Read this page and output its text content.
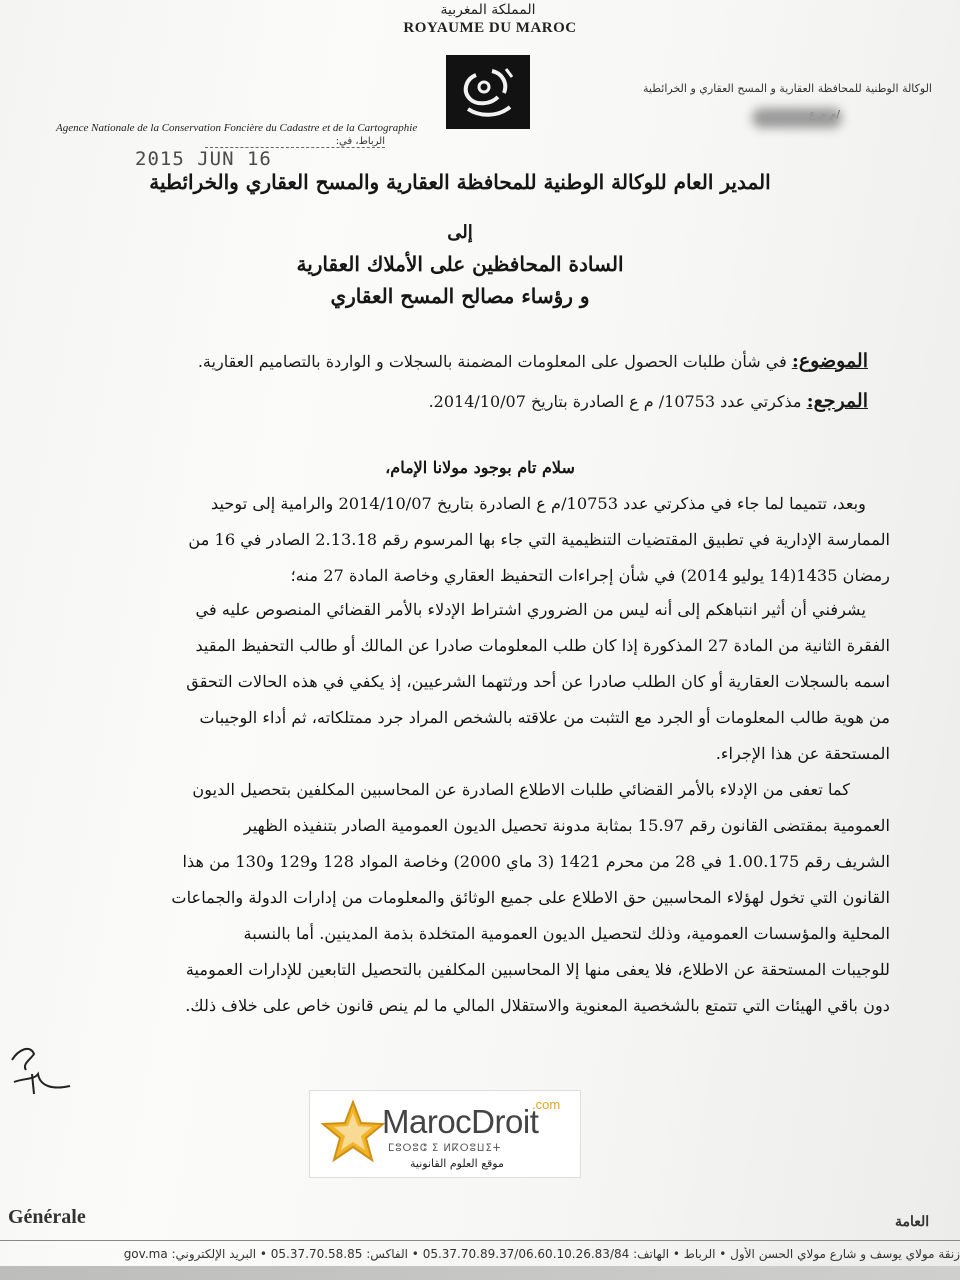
المملكة المغربية
ROYAUME DU MAROC
الوكالة الوطنية للمحافظة العقارية و المسح العقاري و الخرائطية
Agence Nationale de la Conservation Foncière du Cadastre et de la Cartographie
الرباط، في:
2015 JUN 16
المدير العام للوكالة الوطنية للمحافظة العقارية والمسح العقاري والخرائطية
إلى
السادة المحافظين على الأملاك العقارية
و رؤساء مصالح المسح العقاري
الموضوع: في شأن طلبات الحصول على المعلومات المضمنة بالسجلات و الواردة بالتصاميم العقارية.
المرجع: مذكرتي عدد 10753/ م ع الصادرة بتاريخ 2014/10/07.
سلام تام بوجود مولانا الإمام،
وبعد، تتميما لما جاء في مذكرتي عدد 10753/م ع الصادرة بتاريخ 2014/10/07 والرامية إلى توحيد
الممارسة الإدارية في تطبيق المقتضيات التنظيمية التي جاء بها المرسوم رقم 2.13.18 الصادر في 16 من
رمضان 1435(14 يوليو 2014) في شأن إجراءات التحفيظ العقاري وخاصة المادة 27 منه؛
يشرفني أن أثير انتباهكم إلى أنه ليس من الضروري اشتراط الإدلاء بالأمر القضائي المنصوص عليه في
الفقرة الثانية من المادة 27 المذكورة إذا كان طلب المعلومات صادرا عن المالك أو طالب التحفيظ المقيد
اسمه بالسجلات العقارية أو كان الطلب صادرا عن أحد ورثتهما الشرعيين، إذ يكفي في هذه الحالات التحقق
من هوية طالب المعلومات أو الجرد مع التثبت من علاقته بالشخص المراد جرد ممتلكاته، ثم أداء الوجيبات
المستحقة عن هذا الإجراء.
كما تعفى من الإدلاء بالأمر القضائي طلبات الاطلاع الصادرة عن المحاسبين المكلفين بتحصيل الديون
العمومية بمقتضى القانون رقم 15.97 بمثابة مدونة تحصيل الديون العمومية الصادر بتنفيذه الظهير
الشريف رقم 1.00.175 في 28 من محرم 1421 (3 ماي 2000) وخاصة المواد 128 و129 و130 من هذا
القانون التي تخول لهؤلاء المحاسبين حق الاطلاع على جميع الوثائق والمعلومات من إدارات الدولة والجماعات
المحلية والمؤسسات العمومية، وذلك لتحصيل الديون العمومية المتخلدة بذمة المدينين. أما بالنسبة
للوجيبات المستحقة عن الاطلاع، فلا يعفى منها إلا المحاسبين المكلفين بالتحصيل التابعين للإدارات العمومية
دون باقي الهيئات التي تتمتع بالشخصية المعنوية والاستقلال المالي ما لم ينص قانون خاص على خلاف ذلك.
MarocDroit
.com
ⵎⵓⵔⵓⵛ ⵉ ⵍⴽⵔⵓⵡⵉⵜ
موقع العلوم القانونية
Générale	العامة
زنقة مولاي يوسف و شارع مولاي الحسن الأول • الرباط • الهاتف: 05.37.70.89.37/06.60.10.26.83/84 • الفاكس: 05.37.70.58.85 • البريد الإلكتروني: gov.ma
